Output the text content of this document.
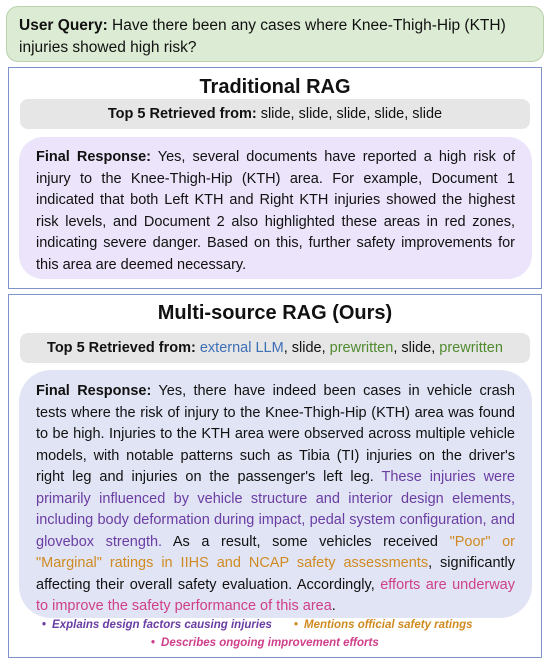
User Query: Have there been any cases where Knee-Thigh-Hip (KTH) injuries showed high risk?
Traditional RAG
Top 5 Retrieved from: slide, slide, slide, slide, slide
Final Response: Yes, several documents have reported a high risk of injury to the Knee-Thigh-Hip (KTH) area. For example, Document 1 indicated that both Left KTH and Right KTH injuries showed the highest risk levels, and Document 2 also highlighted these areas in red zones, indicating severe danger. Based on this, further safety improvements for this area are deemed necessary.
Multi-source RAG (Ours)
Top 5 Retrieved from: external LLM, slide, prewritten, slide, prewritten
Final Response: Yes, there have indeed been cases in vehicle crash tests where the risk of injury to the Knee-Thigh-Hip (KTH) area was found to be high. Injuries to the KTH area were observed across multiple vehicle models, with notable patterns such as Tibia (TI) injuries on the driver's right leg and injuries on the passenger's left leg. These injuries were primarily influenced by vehicle structure and interior design elements, including body deformation during impact, pedal system configuration, and glovebox strength. As a result, some vehicles received "Poor" or "Marginal" ratings in IIHS and NCAP safety assessments, significantly affecting their overall safety evaluation. Accordingly, efforts are underway to improve the safety performance of this area.
• Explains design factors causing injuries • Mentions official safety ratings
• Describes ongoing improvement efforts
